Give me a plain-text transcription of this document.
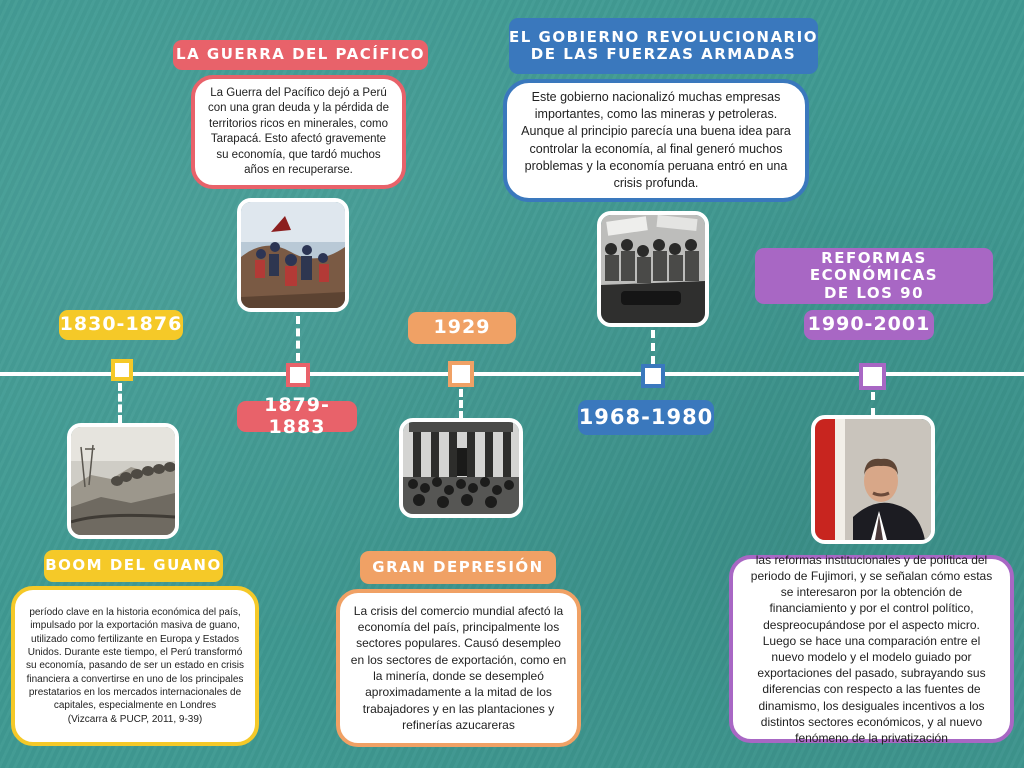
1830-1876
BOOM DEL GUANO
período clave en la historia económica del país, impulsado por la exportación masiva de guano, utilizado como fertilizante en Europa y Estados Unidos. Durante este tiempo, el Perú transformó su economía, pasando de ser un estado en crisis financiera a convertirse en uno de los principales prestatarios en los mercados internacionales de capitales, especialmente en Londres
(Vizcarra & PUCP, 2011, 9-39)
LA GUERRA DEL PACÍFICO
La Guerra del Pacífico dejó a Perú con una gran deuda y la pérdida de territorios ricos en minerales, como Tarapacá. Esto afectó gravemente su economía, que tardó muchos años en recuperarse.
1879-1883
1929
GRAN DEPRESIÓN
La crisis del comercio mundial afectó la economía del país, principalmente los sectores populares. Causó desempleo en los sectores de exportación, como en la minería, donde se desempleó aproximadamente a la mitad de los trabajadores y en las plantaciones y refinerías azucareras
EL GOBIERNO REVOLUCIONARIO
DE LAS FUERZAS ARMADAS
Este gobierno nacionalizó muchas empresas importantes, como las mineras y petroleras. Aunque al principio parecía una buena idea para controlar la economía, al final generó muchos problemas y la economía peruana entró en una crisis profunda.
1968-1980
REFORMAS ECONÓMICAS
DE LOS 90
1990-2001
las reformas institucionales y de política del periodo de Fujimori, y se señalan cómo estas se interesaron por la obtención de financiamiento y por el control político, despreocupándose por el aspecto micro. Luego se hace una comparación entre el nuevo modelo y el modelo guiado por exportaciones del pasado, subrayando sus diferencias con respecto a las fuentes de dinamismo, los desiguales incentivos a los distintos sectores económicos, y al nuevo fenómeno de la privatización
